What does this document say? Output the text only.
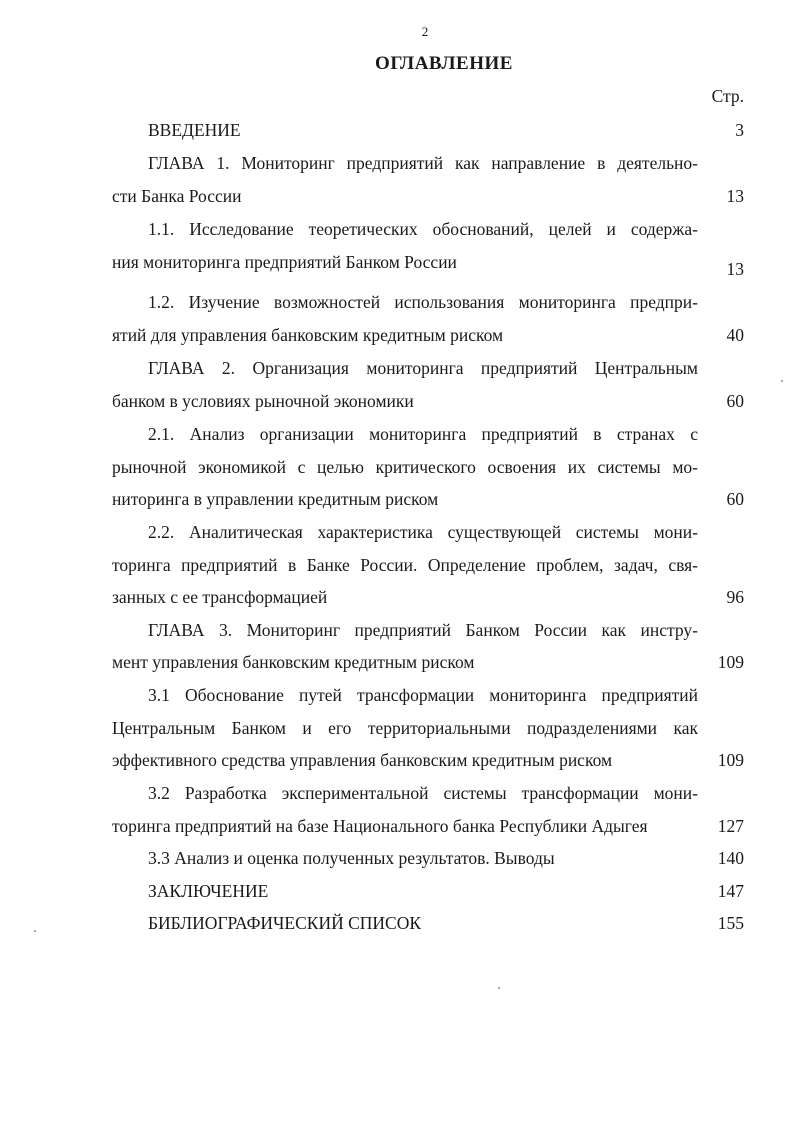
2
ОГЛАВЛЕНИЕ
Стр.
ВВЕДЕНИЕ	3
ГЛАВА 1. Мониторинг предприятий как направление в деятельно-
сти Банка России	13
1.1. Исследование теоретических обоснований, целей и содержа-
ния мониторинга предприятий Банком России	13
1.2. Изучение возможностей использования мониторинга предпри-
ятий для управления банковским кредитным риском	40
ГЛАВА 2. Организация мониторинга предприятий Центральным
банком в условиях рыночной экономики	60
2.1. Анализ организации мониторинга предприятий в странах с
рыночной экономикой с целью критического освоения их системы мо-
ниторинга в управлении кредитным риском	60
2.2. Аналитическая характеристика существующей системы мони-
торинга предприятий в Банке России. Определение проблем, задач, свя-
занных с ее трансформацией	96
ГЛАВА 3. Мониторинг предприятий Банком России как инстру-
мент управления банковским кредитным риском	109
3.1 Обоснование путей трансформации мониторинга предприятий
Центральным Банком и его территориальными подразделениями как
эффективного средства управления банковским кредитным риском	109
3.2 Разработка экспериментальной системы трансформации мони-
торинга предприятий на базе Национального банка Республики Адыгея	127
3.3 Анализ и оценка полученных результатов. Выводы	140
ЗАКЛЮЧЕНИЕ	147
БИБЛИОГРАФИЧЕСКИЙ СПИСОК	155
